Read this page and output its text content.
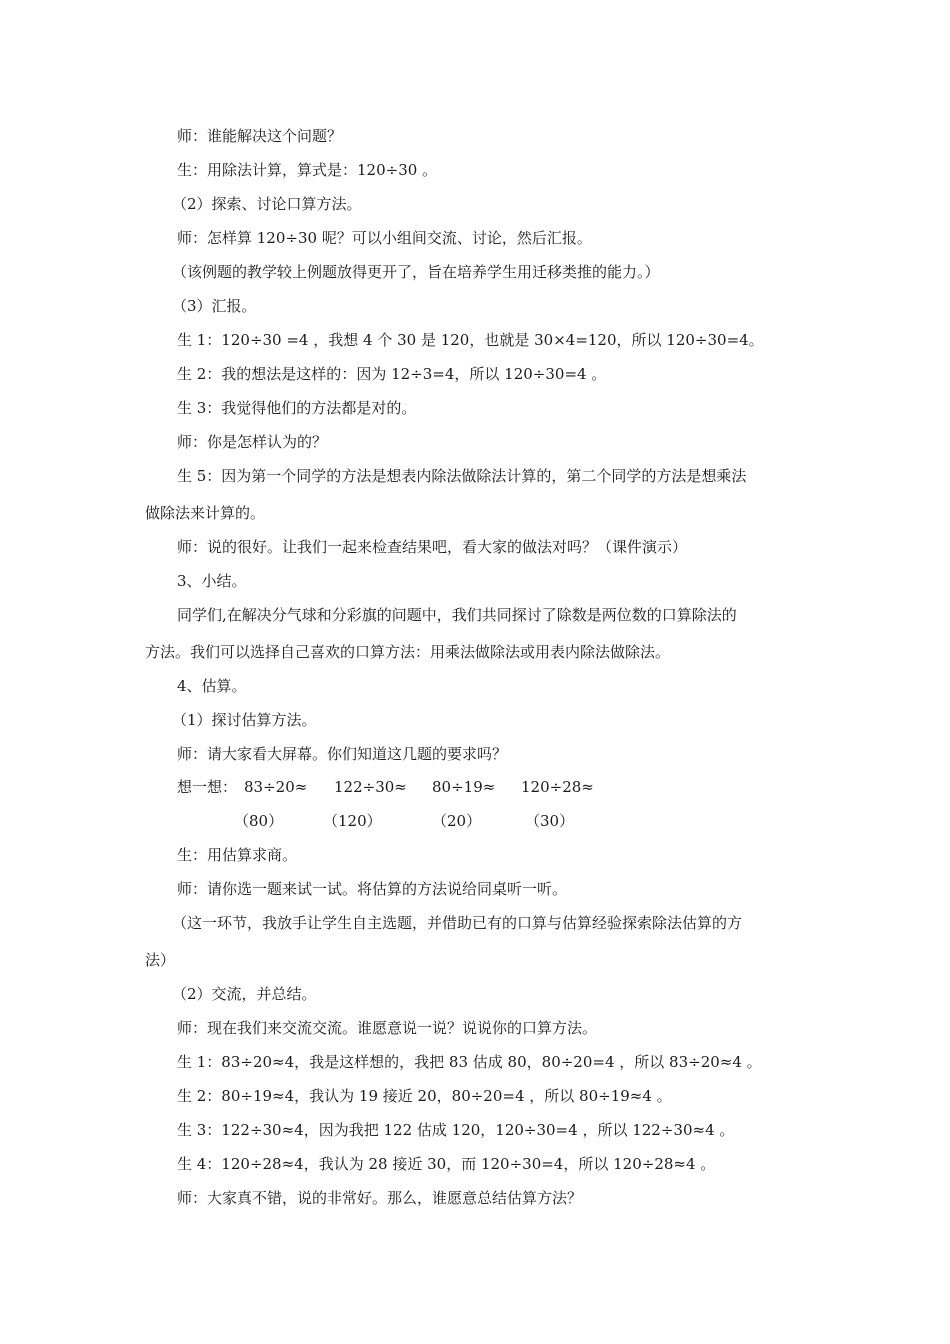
师：谁能解决这个问题？
生：用除法计算，算式是：120÷30 。
（2）探索、讨论口算方法。
师：怎样算 120÷30 呢？可以小组间交流、讨论，然后汇报。
（该例题的教学较上例题放得更开了，旨在培养学生用迁移类推的能力。）
（3）汇报。
生 1：120÷30 =4 ，我想 4 个 30 是 120，也就是 30×4=120，所以 120÷30=4。
生 2：我的想法是这样的：因为 12÷3=4，所以 120÷30=4 。
生 3：我觉得他们的方法都是对的。
师：你是怎样认为的？
生 5：因为第一个同学的方法是想表内除法做除法计算的，第二个同学的方法是想乘法
做除法来计算的。
师：说的很好。让我们一起来检查结果吧，看大家的做法对吗？（课件演示）
3、小结。
同学们,在解决分气球和分彩旗的问题中，我们共同探讨了除数是两位数的口算除法的
方法。我们可以选择自己喜欢的口算方法：用乘法做除法或用表内除法做除法。
4、估算。
（1）探讨估算方法。
师：请大家看大屏幕。你们知道这几题的要求吗？
想一想： 83÷20≈ 122÷30≈ 80÷19≈ 120÷28≈
（80）	（120）	（20）	（30）
生：用估算求商。
师：请你选一题来试一试。将估算的方法说给同桌听一听。
（这一环节，我放手让学生自主选题，并借助已有的口算与估算经验探索除法估算的方
法）
（2）交流，并总结。
师：现在我们来交流交流。谁愿意说一说？说说你的口算方法。
生 1：83÷20≈4，我是这样想的，我把 83 估成 80，80÷20=4 ，所以 83÷20≈4 。
生 2：80÷19≈4，我认为 19 接近 20，80÷20=4 ，所以 80÷19≈4 。
生 3：122÷30≈4，因为我把 122 估成 120，120÷30=4 ，所以 122÷30≈4 。
生 4：120÷28≈4，我认为 28 接近 30，而 120÷30=4，所以 120÷28≈4 。
师：大家真不错，说的非常好。那么，谁愿意总结估算方法？
